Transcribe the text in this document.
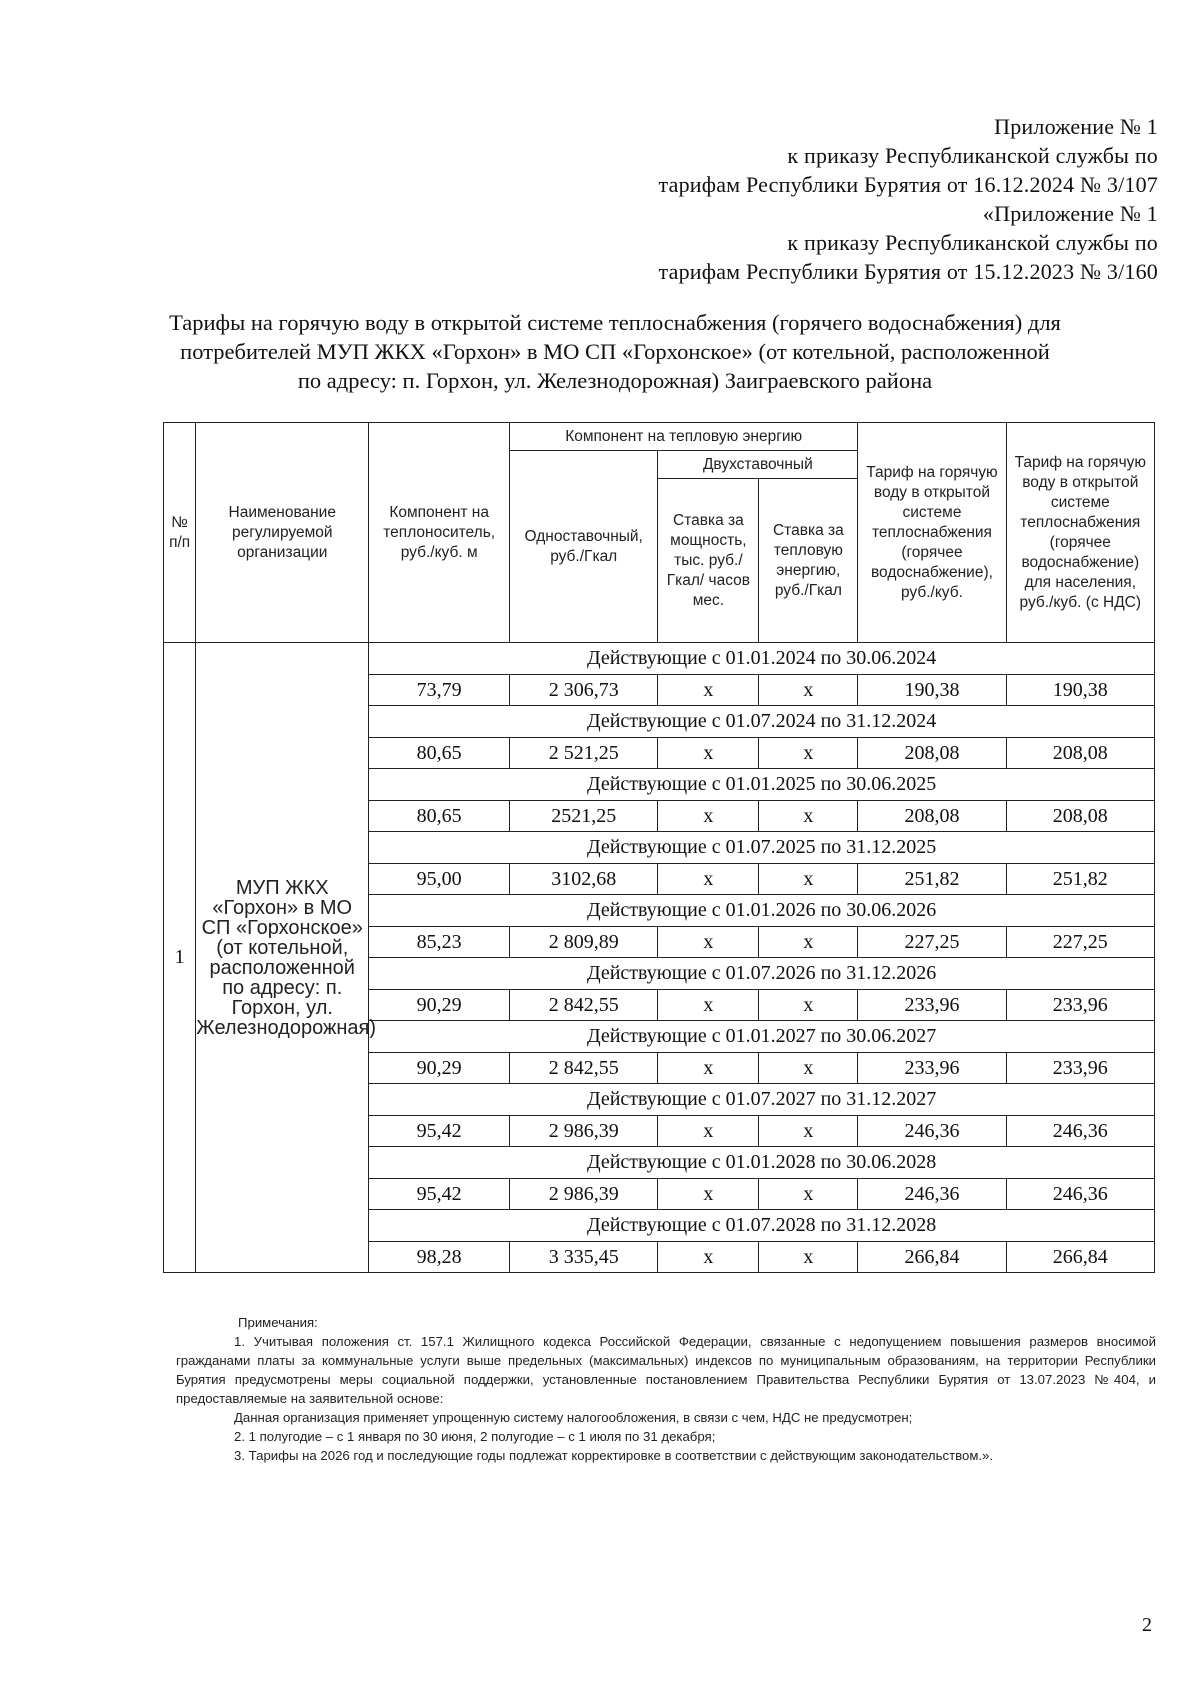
Приложение № 1
к приказу Республиканской службы по
тарифам Республики Бурятия от 16.12.2024 № 3/107
«Приложение № 1
к приказу Республиканской службы по
тарифам Республики Бурятия от 15.12.2023 № 3/160
Тарифы на горячую воду в открытой системе теплоснабжения (горячего водоснабжения) для
потребителей МУП ЖКХ «Горхон» в МО СП «Горхонское» (от котельной, расположенной
по адресу: п. Горхон, ул. Железнодорожная) Заиграевского района
№ п/п	Наименование регулируемой организации	Компонент на теплоноситель, руб./куб. м	Компонент на тепловую энергию			Тариф на горячую воду в открытой системе теплоснабжения (горячее водоснабжение), руб./куб.	Тариф на горячую воду в открытой системе теплоснабжения (горячее водоснабжение) для населения, руб./куб. (с НДС)
			Одноставочный, руб./Гкал	Двухставочный			
				Ставка за мощность, тыс. руб./Гкал/ часов мес.	Ставка за тепловую энергию, руб./Гкал		
1	МУП ЖКХ «Горхон» в МО СП «Горхонское» (от котельной, расположенной по адресу: п. Горхон, ул. Железнодорожная)	Действующие с 01.01.2024 по 30.06.2024					
		73,79	2 306,73	x	x	190,38	190,38
		Действующие с 01.07.2024 по 31.12.2024					
		80,65	2 521,25	x	x	208,08	208,08
		Действующие с 01.01.2025 по 30.06.2025					
		80,65	2521,25	x	x	208,08	208,08
		Действующие с 01.07.2025 по 31.12.2025					
		95,00	3102,68	x	x	251,82	251,82
		Действующие с 01.01.2026 по 30.06.2026					
		85,23	2 809,89	x	x	227,25	227,25
		Действующие с 01.07.2026 по 31.12.2026					
		90,29	2 842,55	x	x	233,96	233,96
		Действующие с 01.01.2027 по 30.06.2027					
		90,29	2 842,55	x	x	233,96	233,96
		Действующие с 01.07.2027 по 31.12.2027					
		95,42	2 986,39	x	x	246,36	246,36
		Действующие с 01.01.2028 по 30.06.2028					
		95,42	2 986,39	x	x	246,36	246,36
		Действующие с 01.07.2028 по 31.12.2028					
		98,28	3 335,45	x	x	266,84	266,84
Примечания:
1. Учитывая положения ст. 157.1 Жилищного кодекса Российской Федерации, связанные с недопущением повышения размеров вносимой гражданами платы за коммунальные услуги выше предельных (максимальных) индексов по муниципальным образованиям, на территории Республики Бурятия предусмотрены меры социальной поддержки, установленные постановлением Правительства Республики Бурятия от 13.07.2023 №404, и предоставляемые на заявительной основе:
Данная организация применяет упрощенную систему налогообложения, в связи с чем, НДС не предусмотрен;
2. 1 полугодие – с 1 января по 30 июня, 2 полугодие – с 1 июля по 31 декабря;
3. Тарифы на 2026 год и последующие годы подлежат корректировке в соответствии с действующим законодательством.».
2
